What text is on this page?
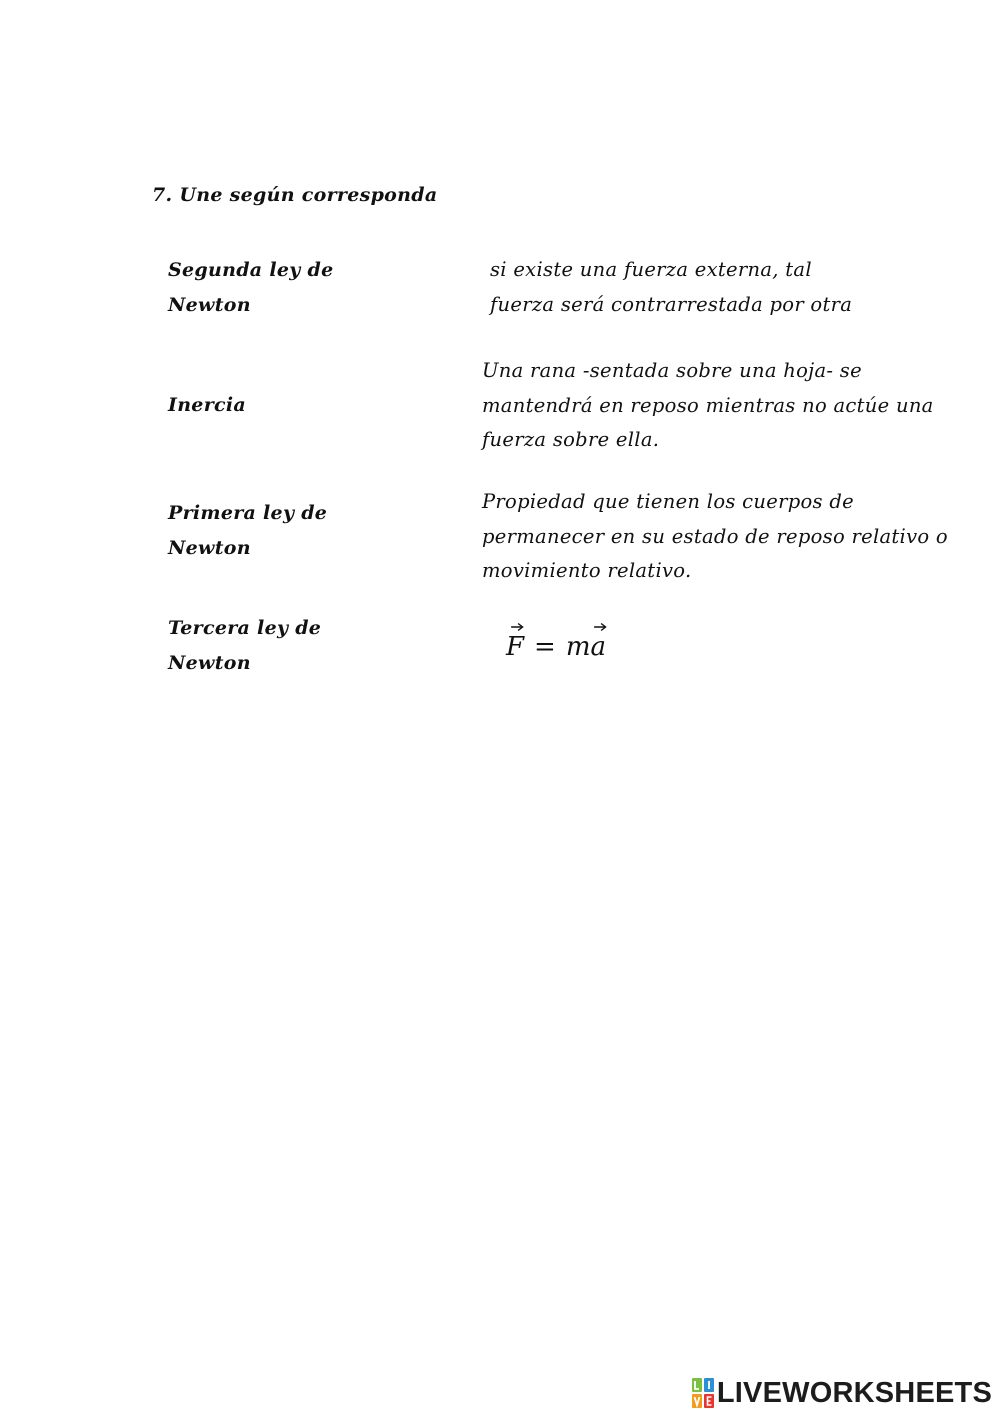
7. Une según corresponda
Segunda ley de
Newton
Inercia
Primera ley de
Newton
Tercera ley de
Newton
si existe una fuerza externa, tal
fuerza será contrarrestada por otra
Una rana -sentada sobre una hoja- se
mantendrá en reposo mientras no actúe una
fuerza sobre ella.
Propiedad que tienen los cuerpos de
permanecer en su estado de reposo relativo o
movimiento relativo.
F = m
a
LIVEWORKSHEETS
